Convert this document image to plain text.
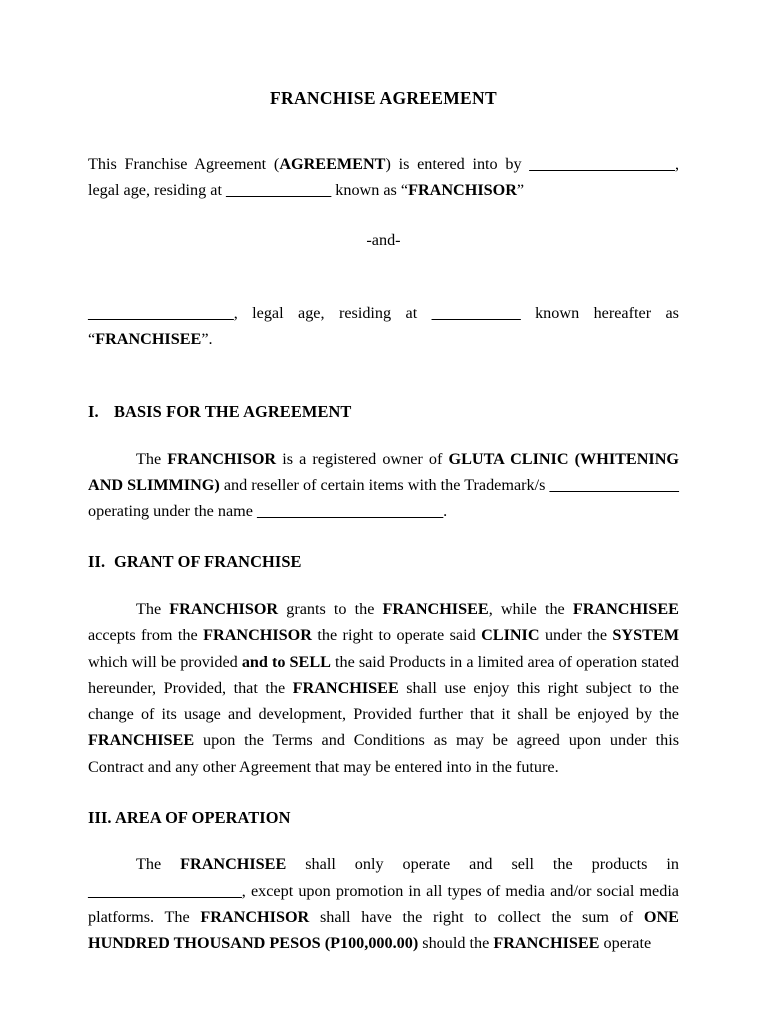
FRANCHISE AGREEMENT

This Franchise Agreement (AGREEMENT) is entered into by __________________, legal age, residing at _____________ known as “FRANCHISOR”

-and-

__________________, legal age, residing at ___________ known hereafter as “FRANCHISEE”.

I. BASIS FOR THE AGREEMENT

The FRANCHISOR is a registered owner of GLUTA CLINIC (WHITENING AND SLIMMING) and reseller of certain items with the Trademark/s ________________ operating under the name _______________________.

II. GRANT OF FRANCHISE

The FRANCHISOR grants to the FRANCHISEE, while the FRANCHISEE accepts from the FRANCHISOR the right to operate said CLINIC under the SYSTEM which will be provided and to SELL the said Products in a limited area of operation stated hereunder, Provided, that the FRANCHISEE shall use enjoy this right subject to the change of its usage and development, Provided further that it shall be enjoyed by the FRANCHISEE upon the Terms and Conditions as may be agreed upon under this Contract and any other Agreement that may be entered into in the future.

III. AREA OF OPERATION

The FRANCHISEE shall only operate and sell the products in ___________________, except upon promotion in all types of media and/or social media platforms. The FRANCHISOR shall have the right to collect the sum of ONE HUNDRED THOUSAND PESOS (P100,000.00) should the FRANCHISEE operate
